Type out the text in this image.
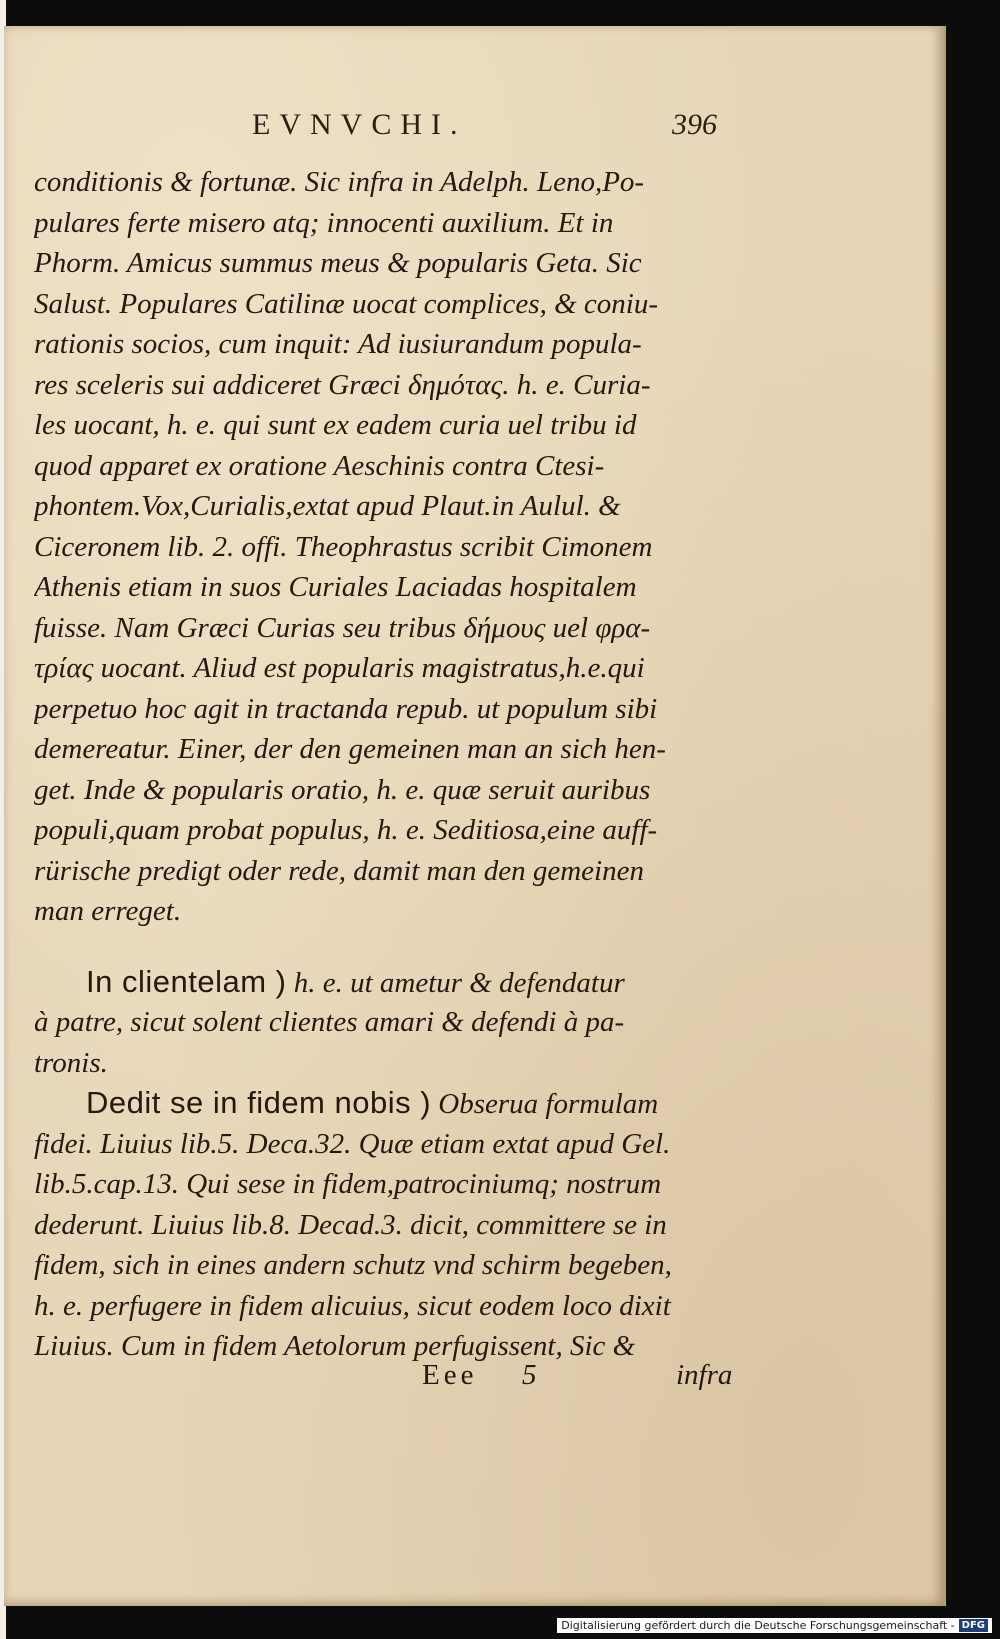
EVNVCHI.	396
conditionis & fortunæ. Sic infra in Adelph. Leno,Po-
pulares ferte misero atq; innocenti auxilium. Et in
Phorm. Amicus summus meus & popularis Geta. Sic
Salust. Populares Catilinæ uocat complices, & coniu-
rationis socios, cum inquit: Ad iusiurandum popula-
res sceleris sui addiceret Græci δημότας. h. e. Curia-
les uocant, h. e. qui sunt ex eadem curia uel tribu id
quod apparet ex oratione Aeschinis contra Ctesi-
phontem.Vox,Curialis,extat apud Plaut.in Aulul. &
Ciceronem lib. 2. offi. Theophrastus scribit Cimonem
Athenis etiam in suos Curiales Laciadas hospitalem
fuisse. Nam Græci Curias seu tribus δήμους uel φρα-
τρίας uocant. Aliud est popularis magistratus,h.e.qui
perpetuo hoc agit in tractanda repub. ut populum sibi
demereatur. Einer, der den gemeinen man an sich hen-
get. Inde & popularis oratio, h. e. quæ seruit auribus
populi,quam probat populus, h. e. Seditiosa,eine auff-
rürische predigt oder rede, damit man den gemeinen
man erreget.
In clientelam ) h. e. ut ametur & defendatur
à patre, sicut solent clientes amari & defendi à pa-
tronis.
Dedit se in fidem nobis ) Obserua formulam
fidei. Liuius lib.5. Deca.32. Quæ etiam extat apud Gel.
lib.5.cap.13. Qui sese in fidem,patrociniumq; nostrum
dederunt. Liuius lib.8. Decad.3. dicit, committere se in
fidem, sich in eines andern schutz vnd schirm begeben,
h. e. perfugere in fidem alicuius, sicut eodem loco dixit
Liuius. Cum in fidem Aetolorum perfugissent, Sic &
Eee 5	infra
Digitalisierung gefördert durch die Deutsche Forschungsgemeinschaft - DFG
